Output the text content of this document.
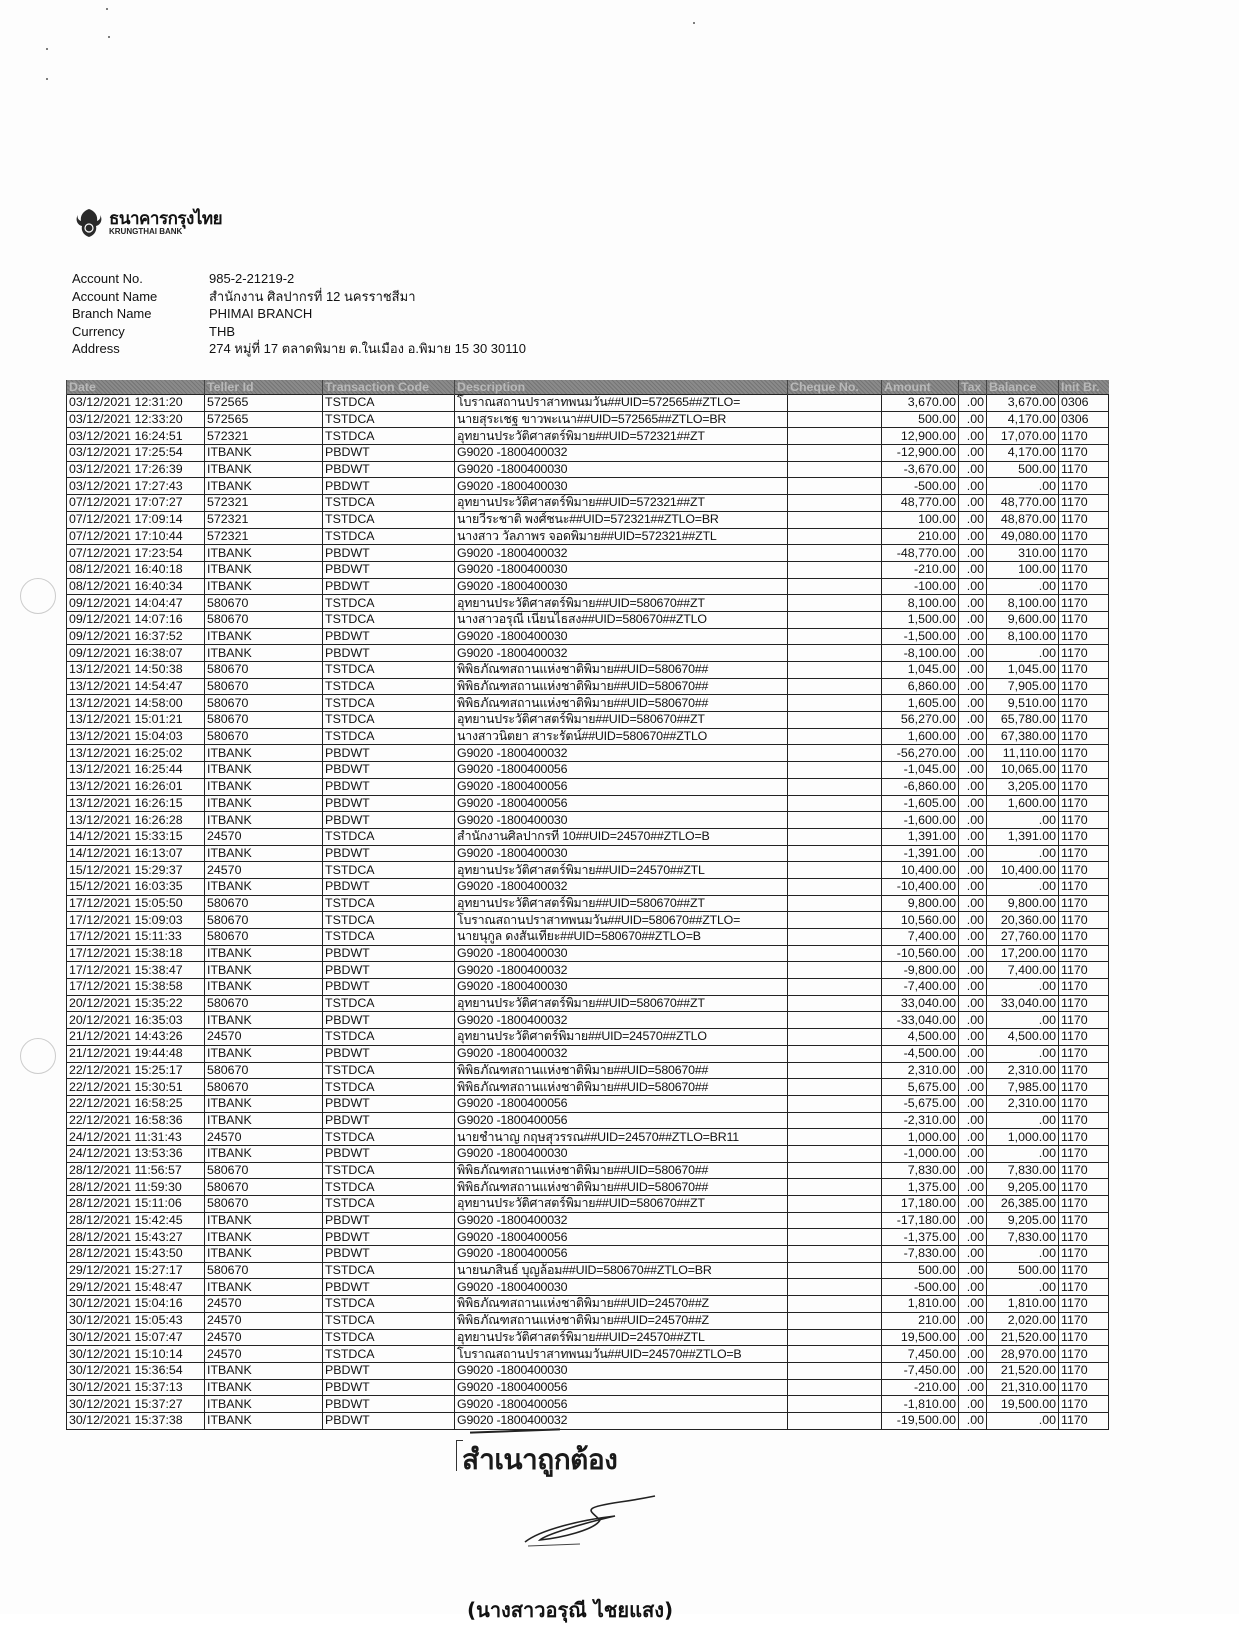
ธนาคารกรุงไทย
KRUNGTHAI BANK
Account No.	985-2-21219-2
Account Name	สำนักงาน ศิลปากรที่ 12 นครราชสีมา
Branch Name	PHIMAI BRANCH
Currency	THB
Address	274 หมู่ที่ 17 ตลาดพิมาย ต.ในเมือง อ.พิมาย 15 30 30110
Date	Teller Id	Transaction Code	Description	Cheque No.	Amount	Tax	Balance	Init Br.
03/12/2021 12:31:20	572565	TSTDCA	โบราณสถานปราสาทพนมวัน##UID=572565##ZTLO=		3,670.00	.00	3,670.00	0306
03/12/2021 12:33:20	572565	TSTDCA	นายสุระเชฐ ขาวพะเนา##UID=572565##ZTLO=BR		500.00	.00	4,170.00	0306
03/12/2021 16:24:51	572321	TSTDCA	อุทยานประวัติศาสตร์พิมาย##UID=572321##ZT		12,900.00	.00	17,070.00	1170
03/12/2021 17:25:54	ITBANK	PBDWT	G9020 -1800400032		-12,900.00	.00	4,170.00	1170
03/12/2021 17:26:39	ITBANK	PBDWT	G9020 -1800400030		-3,670.00	.00	500.00	1170
03/12/2021 17:27:43	ITBANK	PBDWT	G9020 -1800400030		-500.00	.00	.00	1170
07/12/2021 17:07:27	572321	TSTDCA	อุทยานประวัติศาสตร์พิมาย##UID=572321##ZT		48,770.00	.00	48,770.00	1170
07/12/2021 17:09:14	572321	TSTDCA	นายวีระชาติ พงศ์ชนะ##UID=572321##ZTLO=BR		100.00	.00	48,870.00	1170
07/12/2021 17:10:44	572321	TSTDCA	นางสาว วัลภาพร จอดพิมาย##UID=572321##ZTL		210.00	.00	49,080.00	1170
07/12/2021 17:23:54	ITBANK	PBDWT	G9020 -1800400032		-48,770.00	.00	310.00	1170
08/12/2021 16:40:18	ITBANK	PBDWT	G9020 -1800400030		-210.00	.00	100.00	1170
08/12/2021 16:40:34	ITBANK	PBDWT	G9020 -1800400030		-100.00	.00	.00	1170
09/12/2021 14:04:47	580670	TSTDCA	อุทยานประวัติศาสตร์พิมาย##UID=580670##ZT		8,100.00	.00	8,100.00	1170
09/12/2021 14:07:16	580670	TSTDCA	นางสาวอรุณี เนียนไธสง##UID=580670##ZTLO		1,500.00	.00	9,600.00	1170
09/12/2021 16:37:52	ITBANK	PBDWT	G9020 -1800400030		-1,500.00	.00	8,100.00	1170
09/12/2021 16:38:07	ITBANK	PBDWT	G9020 -1800400032		-8,100.00	.00	.00	1170
13/12/2021 14:50:38	580670	TSTDCA	พิพิธภัณฑสถานแห่งชาติพิมาย##UID=580670##		1,045.00	.00	1,045.00	1170
13/12/2021 14:54:47	580670	TSTDCA	พิพิธภัณฑสถานแห่งชาติพิมาย##UID=580670##		6,860.00	.00	7,905.00	1170
13/12/2021 14:58:00	580670	TSTDCA	พิพิธภัณฑสถานแห่งชาติพิมาย##UID=580670##		1,605.00	.00	9,510.00	1170
13/12/2021 15:01:21	580670	TSTDCA	อุทยานประวัติศาสตร์พิมาย##UID=580670##ZT		56,270.00	.00	65,780.00	1170
13/12/2021 15:04:03	580670	TSTDCA	นางสาวนิตยา สาระรัตน์##UID=580670##ZTLO		1,600.00	.00	67,380.00	1170
13/12/2021 16:25:02	ITBANK	PBDWT	G9020 -1800400032		-56,270.00	.00	11,110.00	1170
13/12/2021 16:25:44	ITBANK	PBDWT	G9020 -1800400056		-1,045.00	.00	10,065.00	1170
13/12/2021 16:26:01	ITBANK	PBDWT	G9020 -1800400056		-6,860.00	.00	3,205.00	1170
13/12/2021 16:26:15	ITBANK	PBDWT	G9020 -1800400056		-1,605.00	.00	1,600.00	1170
13/12/2021 16:26:28	ITBANK	PBDWT	G9020 -1800400030		-1,600.00	.00	.00	1170
14/12/2021 15:33:15	24570	TSTDCA	สำนักงานศิลปากรที่ 10##UID=24570##ZTLO=B		1,391.00	.00	1,391.00	1170
14/12/2021 16:13:07	ITBANK	PBDWT	G9020 -1800400030		-1,391.00	.00	.00	1170
15/12/2021 15:29:37	24570	TSTDCA	อุทยานประวัติศาสตร์พิมาย##UID=24570##ZTL		10,400.00	.00	10,400.00	1170
15/12/2021 16:03:35	ITBANK	PBDWT	G9020 -1800400032		-10,400.00	.00	.00	1170
17/12/2021 15:05:50	580670	TSTDCA	อุทยานประวัติศาสตร์พิมาย##UID=580670##ZT		9,800.00	.00	9,800.00	1170
17/12/2021 15:09:03	580670	TSTDCA	โบราณสถานปราสาทพนมวัน##UID=580670##ZTLO=		10,560.00	.00	20,360.00	1170
17/12/2021 15:11:33	580670	TSTDCA	นายนุกูล ดงสันเทียะ##UID=580670##ZTLO=B		7,400.00	.00	27,760.00	1170
17/12/2021 15:38:18	ITBANK	PBDWT	G9020 -1800400030		-10,560.00	.00	17,200.00	1170
17/12/2021 15:38:47	ITBANK	PBDWT	G9020 -1800400032		-9,800.00	.00	7,400.00	1170
17/12/2021 15:38:58	ITBANK	PBDWT	G9020 -1800400030		-7,400.00	.00	.00	1170
20/12/2021 15:35:22	580670	TSTDCA	อุทยานประวัติศาสตร์พิมาย##UID=580670##ZT		33,040.00	.00	33,040.00	1170
20/12/2021 16:35:03	ITBANK	PBDWT	G9020 -1800400032		-33,040.00	.00	.00	1170
21/12/2021 14:43:26	24570	TSTDCA	อุทยานประวัติศาตร์พิมาย##UID=24570##ZTLO		4,500.00	.00	4,500.00	1170
21/12/2021 19:44:48	ITBANK	PBDWT	G9020 -1800400032		-4,500.00	.00	.00	1170
22/12/2021 15:25:17	580670	TSTDCA	พิพิธภัณฑสถานแห่งชาติพิมาย##UID=580670##		2,310.00	.00	2,310.00	1170
22/12/2021 15:30:51	580670	TSTDCA	พิพิธภัณฑสถานแห่งชาติพิมาย##UID=580670##		5,675.00	.00	7,985.00	1170
22/12/2021 16:58:25	ITBANK	PBDWT	G9020 -1800400056		-5,675.00	.00	2,310.00	1170
22/12/2021 16:58:36	ITBANK	PBDWT	G9020 -1800400056		-2,310.00	.00	.00	1170
24/12/2021 11:31:43	24570	TSTDCA	นายชำนาญ กฤษสุวรรณ##UID=24570##ZTLO=BR11		1,000.00	.00	1,000.00	1170
24/12/2021 13:53:36	ITBANK	PBDWT	G9020 -1800400030		-1,000.00	.00	.00	1170
28/12/2021 11:56:57	580670	TSTDCA	พิพิธภัณฑสถานแห่งชาติพิมาย##UID=580670##		7,830.00	.00	7,830.00	1170
28/12/2021 11:59:30	580670	TSTDCA	พิพิธภัณฑสถานแห่งชาติพิมาย##UID=580670##		1,375.00	.00	9,205.00	1170
28/12/2021 15:11:06	580670	TSTDCA	อุทยานประวัติศาสตร์พิมาย##UID=580670##ZT		17,180.00	.00	26,385.00	1170
28/12/2021 15:42:45	ITBANK	PBDWT	G9020 -1800400032		-17,180.00	.00	9,205.00	1170
28/12/2021 15:43:27	ITBANK	PBDWT	G9020 -1800400056		-1,375.00	.00	7,830.00	1170
28/12/2021 15:43:50	ITBANK	PBDWT	G9020 -1800400056		-7,830.00	.00	.00	1170
29/12/2021 15:27:17	580670	TSTDCA	นายนภสินธ์ บุญล้อม##UID=580670##ZTLO=BR		500.00	.00	500.00	1170
29/12/2021 15:48:47	ITBANK	PBDWT	G9020 -1800400030		-500.00	.00	.00	1170
30/12/2021 15:04:16	24570	TSTDCA	พิพิธภัณฑสถานแห่งชาติพิมาย##UID=24570##Z		1,810.00	.00	1,810.00	1170
30/12/2021 15:05:43	24570	TSTDCA	พิพิธภัณฑสถานแห่งชาติพิมาย##UID=24570##Z		210.00	.00	2,020.00	1170
30/12/2021 15:07:47	24570	TSTDCA	อุทยานประวัติศาสตร์พิมาย##UID=24570##ZTL		19,500.00	.00	21,520.00	1170
30/12/2021 15:10:14	24570	TSTDCA	โบราณสถานปราสาทพนมวัน##UID=24570##ZTLO=B		7,450.00	.00	28,970.00	1170
30/12/2021 15:36:54	ITBANK	PBDWT	G9020 -1800400030		-7,450.00	.00	21,520.00	1170
30/12/2021 15:37:13	ITBANK	PBDWT	G9020 -1800400056		-210.00	.00	21,310.00	1170
30/12/2021 15:37:27	ITBANK	PBDWT	G9020 -1800400056		-1,810.00	.00	19,500.00	1170
30/12/2021 15:37:38	ITBANK	PBDWT	G9020 -1800400032		-19,500.00	.00	.00	1170
สำเนาถูกต้อง
(นางสาวอรุณี ไชยแสง)
